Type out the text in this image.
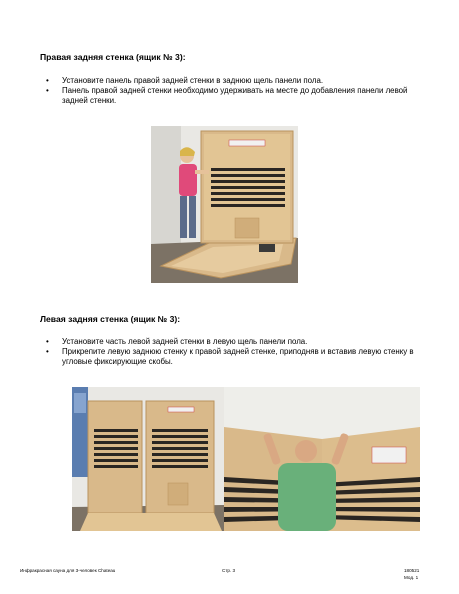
Правая задняя стенка (ящик № 3):
• Установите панель правой задней стенки в заднюю щель панели пола.
• Панель правой задней стенки необходимо удерживать на месте до добавления панели левой задней стенки.
Левая задняя стенка (ящик № 3):
• Установите часть левой задней стенки в левую щель панели пола.
• Прикрепите левую заднюю стенку к правой задней стенке, приподняв и вставив левую стенку в угловые фиксирующие скобы.
Инфракрасная сауна для 3-человек Chateau	Стр. 3	180521
Мод. 1
